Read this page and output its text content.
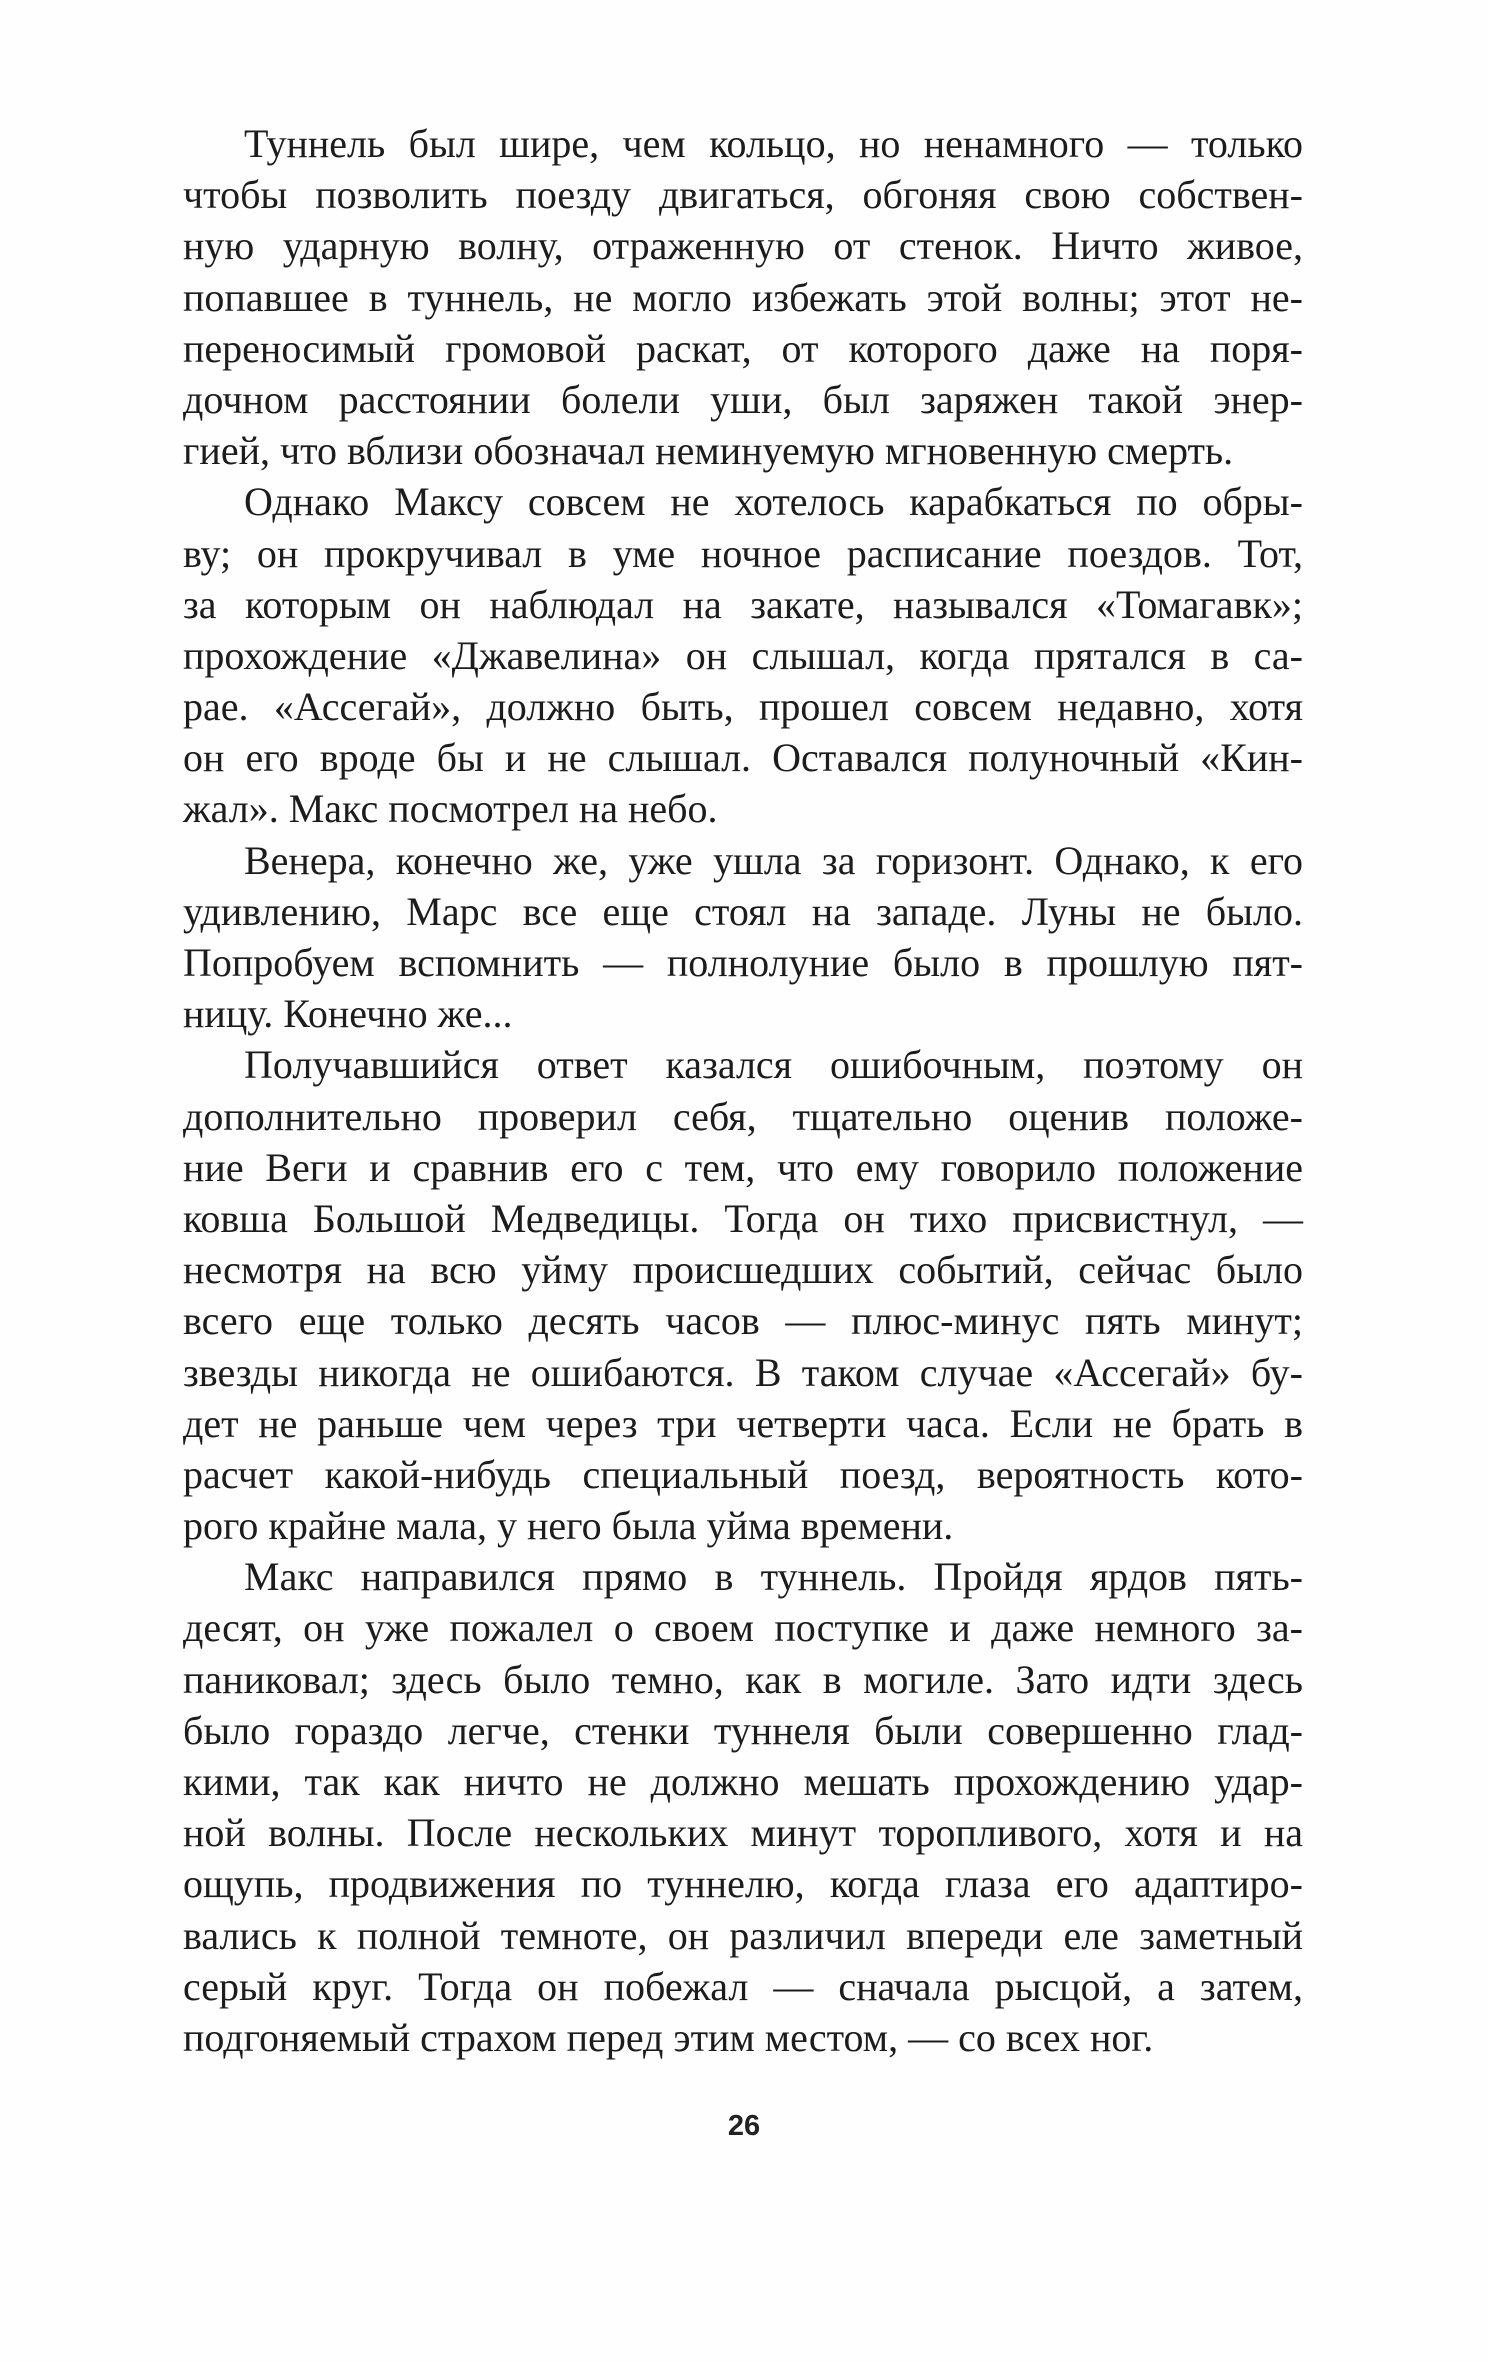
Туннель был шире, чем кольцо, но ненамного — только
чтобы позволить поезду двигаться, обгоняя свою собствен-
ную ударную волну, отраженную от стенок. Ничто живое,
попавшее в туннель, не могло избежать этой волны; этот не-
переносимый громовой раскат, от которого даже на поря-
дочном расстоянии болели уши, был заряжен такой энер-
гией, что вблизи обозначал неминуемую мгновенную смерть.
Однако Максу совсем не хотелось карабкаться по обры-
ву; он прокручивал в уме ночное расписание поездов. Тот,
за которым он наблюдал на закате, назывался «Томагавк»;
прохождение «Джавелина» он слышал, когда прятался в са-
рае. «Ассегай», должно быть, прошел совсем недавно, хотя
он его вроде бы и не слышал. Оставался полуночный «Кин-
жал». Макс посмотрел на небо.
Венера, конечно же, уже ушла за горизонт. Однако, к его
удивлению, Марс все еще стоял на западе. Луны не было.
Попробуем вспомнить — полнолуние было в прошлую пят-
ницу. Конечно же...
Получавшийся ответ казался ошибочным, поэтому он
дополнительно проверил себя, тщательно оценив положе-
ние Веги и сравнив его с тем, что ему говорило положение
ковша Большой Медведицы. Тогда он тихо присвистнул, —
несмотря на всю уйму происшедших событий, сейчас было
всего еще только десять часов — плюс-минус пять минут;
звезды никогда не ошибаются. В таком случае «Ассегай» бу-
дет не раньше чем через три четверти часа. Если не брать в
расчет какой-нибудь специальный поезд, вероятность кото-
рого крайне мала, у него была уйма времени.
Макс направился прямо в туннель. Пройдя ярдов пять-
десят, он уже пожалел о своем поступке и даже немного за-
паниковал; здесь было темно, как в могиле. Зато идти здесь
было гораздо легче, стенки туннеля были совершенно глад-
кими, так как ничто не должно мешать прохождению удар-
ной волны. После нескольких минут торопливого, хотя и на
ощупь, продвижения по туннелю, когда глаза его адаптиро-
вались к полной темноте, он различил впереди еле заметный
серый круг. Тогда он побежал — сначала рысцой, а затем,
подгоняемый страхом перед этим местом, — со всех ног.
26
